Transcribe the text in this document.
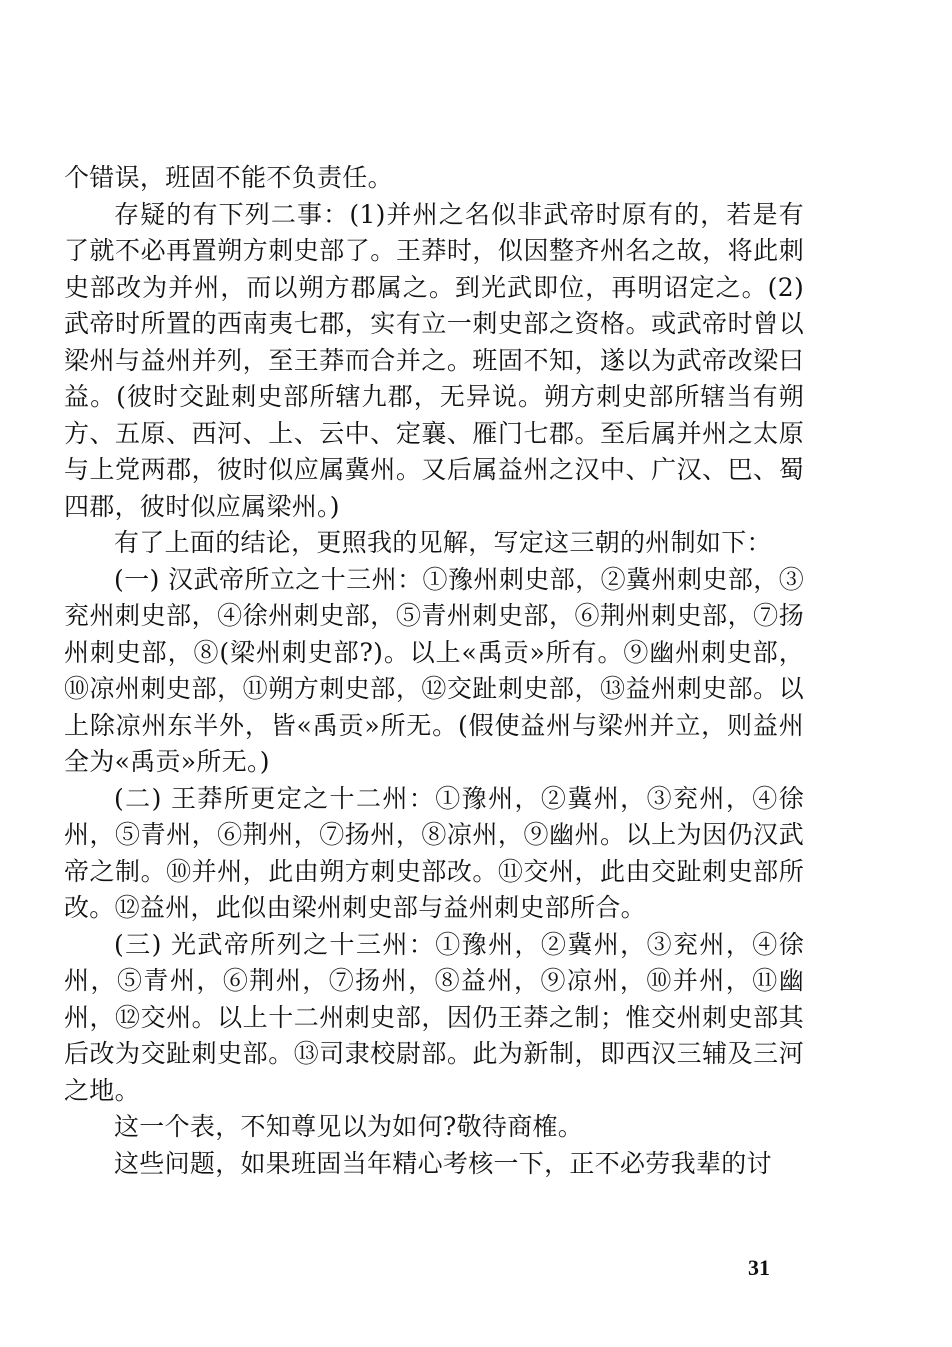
个错误，班固不能不负责任。

存疑的有下列二事：(1)并州之名似非武帝时原有的，若是有了就不必再置朔方刺史部了。王莽时，似因整齐州名之故，将此刺史部改为并州，而以朔方郡属之。到光武即位，再明诏定之。(2)武帝时所置的西南夷七郡，实有立一刺史部之资格。或武帝时曾以梁州与益州并列，至王莽而合并之。班固不知，遂以为武帝改梁曰益。(彼时交趾刺史部所辖九郡，无异说。朔方刺史部所辖当有朔方、五原、西河、上、云中、定襄、雁门七郡。至后属并州之太原与上党两郡，彼时似应属冀州。又后属益州之汉中、广汉、巴、蜀四郡，彼时似应属梁州。)

有了上面的结论，更照我的见解，写定这三朝的州制如下：

(一) 汉武帝所立之十三州：①豫州刺史部，②冀州刺史部，③兖州刺史部，④徐州刺史部，⑤青州刺史部，⑥荆州刺史部，⑦扬州刺史部，⑧(梁州刺史部?)。以上«禹贡»所有。⑨幽州刺史部，⑩凉州刺史部，⑪朔方刺史部，⑫交趾刺史部，⑬益州刺史部。以上除凉州东半外，皆«禹贡»所无。(假使益州与梁州并立，则益州全为«禹贡»所无。)

(二) 王莽所更定之十二州：①豫州，②冀州，③兖州，④徐州，⑤青州，⑥荆州，⑦扬州，⑧凉州，⑨幽州。以上为因仍汉武帝之制。⑩并州，此由朔方刺史部改。⑪交州，此由交趾刺史部所改。⑫益州，此似由梁州刺史部与益州刺史部所合。

(三) 光武帝所列之十三州：①豫州，②冀州，③兖州，④徐州，⑤青州，⑥荆州，⑦扬州，⑧益州，⑨凉州，⑩并州，⑪幽州，⑫交州。以上十二州刺史部，因仍王莽之制；惟交州刺史部其后改为交趾刺史部。⑬司隶校尉部。此为新制，即西汉三辅及三河之地。

这一个表，不知尊见以为如何?敬待商榷。

这些问题，如果班固当年精心考核一下，正不必劳我辈的讨

31
